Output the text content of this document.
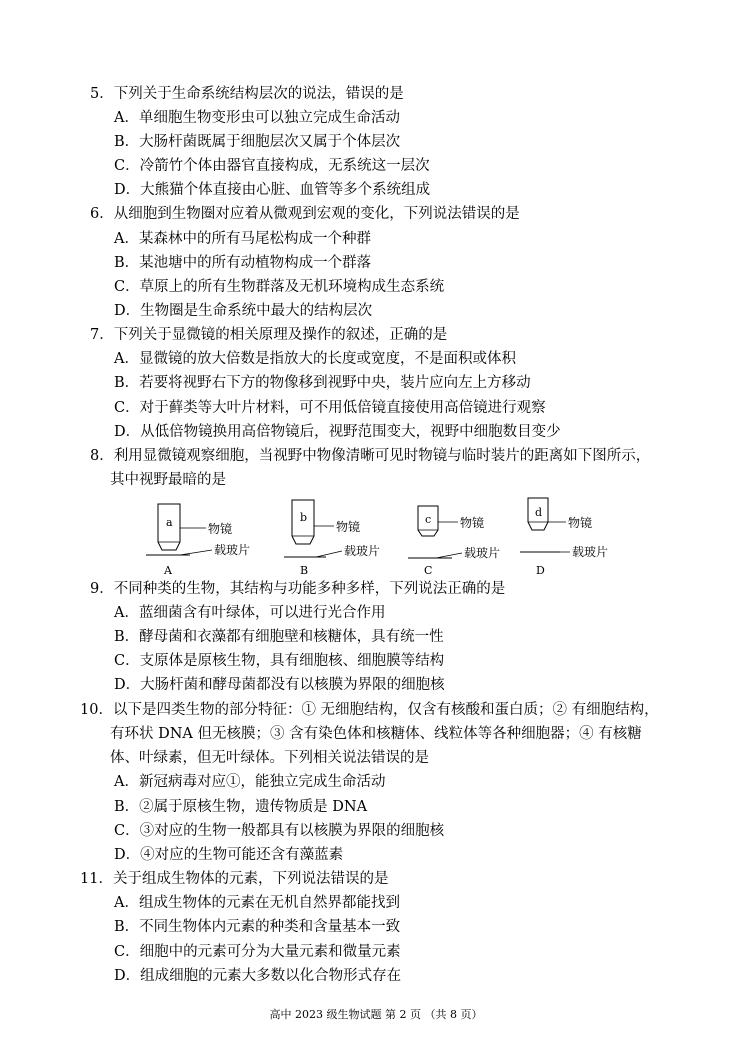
5．下列关于生命系统结构层次的说法，错误的是
A．单细胞生物变形虫可以独立完成生命活动
B．大肠杆菌既属于细胞层次又属于个体层次
C．冷箭竹个体由器官直接构成，无系统这一层次
D．大熊猫个体直接由心脏、血管等多个系统组成
6．从细胞到生物圈对应着从微观到宏观的变化，下列说法错误的是
A．某森林中的所有马尾松构成一个种群
B．某池塘中的所有动植物构成一个群落
C．草原上的所有生物群落及无机环境构成生态系统
D．生物圈是生命系统中最大的结构层次
7．下列关于显微镜的相关原理及操作的叙述，正确的是
A．显微镜的放大倍数是指放大的长度或宽度，不是面积或体积
B．若要将视野右下方的物像移到视野中央，装片应向左上方移动
C．对于藓类等大叶片材料，可不用低倍镜直接使用高倍镜进行观察
D．从低倍物镜换用高倍物镜后，视野范围变大，视野中细胞数目变少
8．利用显微镜观察细胞，当视野中物像清晰可见时物镜与临时装片的距离如下图所示，
其中视野最暗的是
a	物镜
载玻片
A
b
物镜
载玻片
B
c 物镜
载玻片
C
d
物镜
载玻片
D
9．不同种类的生物，其结构与功能多种多样，下列说法正确的是
A．蓝细菌含有叶绿体，可以进行光合作用
B．酵母菌和衣藻都有细胞壁和核糖体，具有统一性
C．支原体是原核生物，具有细胞核、细胞膜等结构
D．大肠杆菌和酵母菌都没有以核膜为界限的细胞核
10．以下是四类生物的部分特征：① 无细胞结构，仅含有核酸和蛋白质；② 有细胞结构，
有环状 DNA 但无核膜；③ 含有染色体和核糖体、线粒体等各种细胞器；④ 有核糖
体、叶绿素，但无叶绿体。下列相关说法错误的是
A．新冠病毒对应①，能独立完成生命活动
B．②属于原核生物，遗传物质是 DNA
C．③对应的生物一般都具有以核膜为界限的细胞核
D．④对应的生物可能还含有藻蓝素
11．关于组成生物体的元素，下列说法错误的是
A．组成生物体的元素在无机自然界都能找到
B．不同生物体内元素的种类和含量基本一致
C．细胞中的元素可分为大量元素和微量元素
D．组成细胞的元素大多数以化合物形式存在
高中 2023 级生物试题 第 2 页 （共 8 页）
